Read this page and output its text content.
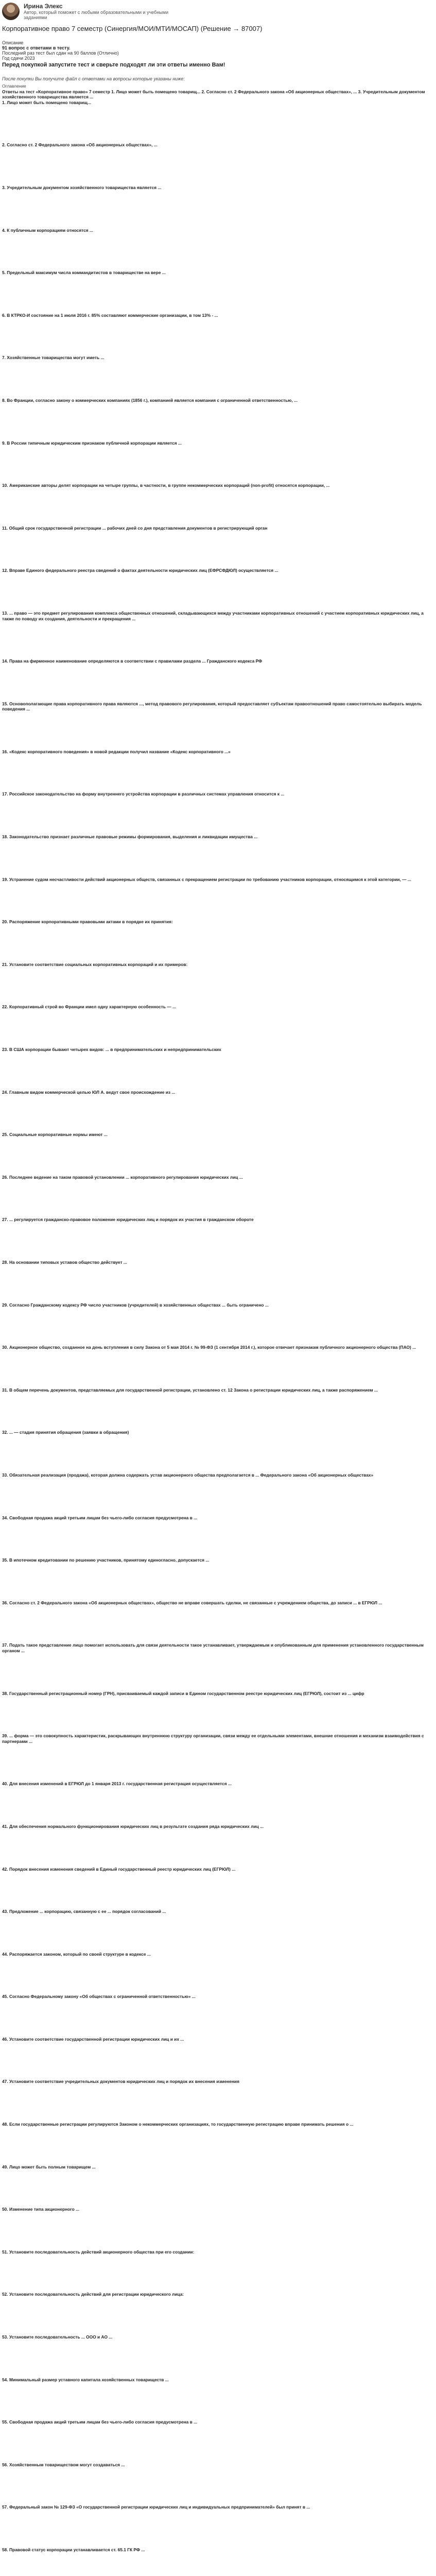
Ирина Элекс
Автор, который поможет с любыми образовательными и учебными заданиями
Корпоративное право 7 семестр (Синергия/МОИ/МТИ/МОСАП) (Решение → 87007)
Описание
91 вопрос с ответами в тесту.
Последний раз тест был сдан на 90 баллов (Отлично)
Год сдачи 2023
Перед покупкой запустите тест и сверьте подходят ли эти ответы именно Вам!
После покупки Вы получите файл с ответами на вопросы которые указаны ниже:
Оглавление
Ответы на тест «Корпоративное право» 7 семестр 1. Лицо может быть помещено товарищ... 2. Согласно ст. 2 Федерального закона «Об акционерных обществах», ... 3. Учредительным документом хозяйственного товарищества является ...
1. Лицо может быть помещено товарищ...
2. Согласно ст. 2 Федерального закона «Об акционерных обществах», ...
3. Учредительным документом хозяйственного товарищества является ...
4. К публичным корпорациям относятся ...
5. Предельный максимум числа коммандитистов в товариществе на вере ...
6. В КТРКО-И состояние на 1 июля 2016 г. 85% составляют коммерческие организации, в том 13% - ...
7. Хозяйственные товарищества могут иметь ...
8. Во Франции, согласно закону о коммерческих компаниях (1856 г.), компанией является компания с ограниченной ответственностью, ...
9. В России типичным юридическим признаком публичной корпорации является ...
10. Американские авторы делят корпорации на четыре группы, в частности, в группе некоммерческих корпораций (non-profit) относятся корпорации, ...
11. Общий срок государственной регистрации ... рабочих дней со дня представления документов в регистрирующий орган
12. Вправе Единого федерального реестра сведений о фактах деятельности юридических лиц (ЕФРСФДЮЛ) осуществляется ...
13. ... право — это предмет регулирования комплекса общественных отношений, складывающихся между участниками корпоративных отношений с участием корпоративных юридических лиц, а также по поводу их создания, деятельности и прекращения ...
14. Права на фирменное наименование определяются в соответствии с правилами раздела ... Гражданского кодекса РФ
15. Основополагающие права корпоративного права являются ..., метод правового регулирования, который предоставляет субъектам правоотношений право самостоятельно выбирать модель поведения ...
16. «Кодекс корпоративного поведения» в новой редакции получил название «Кодекс корпоративного ...»
17. Российское законодательство на форму внутреннего устройства корпорации в различных системах управления относится к ...
18. Законодательство признает различные правовые режимы формирования, выделения и ликвидации имущества ...
19. Устранение судом несчастливости действий акционерных обществ, связанных с прекращением регистрации по требованию участников корпорации, относящимся к этой категории, — ...
20. Распоряжение корпоративными правовыми актами в порядке их принятия:
21. Установите соответствие социальных корпоративных корпораций и их примеров:
22. Корпоративный строй во Франции имел одну характерную особенность — ...
23. В США корпорации бывают четырех видов: ... в предпринимательских и непредпринимательских
24. Главным видом коммерческой целью ЮЛ А. ведут свое происхождение из ...
25. Социальные корпоративные нормы имеют ...
26. Последнее ведение на таком правовой установлении ... корпоративного регулирования юридических лиц ...
27. ... регулируется гражданско-правовое положение юридических лиц и порядок их участия в гражданском обороте
28. На основании типовых уставов общество действует ...
29. Согласно Гражданскому кодексу РФ число участников (учредителей) в хозяйственных обществах ... быть ограничено ...
30. Акционерное общество, созданное на день вступления в силу Закона от 5 мая 2014 г. № 99-ФЗ (1 сентября 2014 г.), которое отвечает признакам публичного акционерного общества (ПАО) ...
31. В общем перечень документов, представляемых для государственной регистрации, установлено ст. 12 Закона о регистрации юридических лиц, а также распоряжением ...
32. ... — стадия принятия обращения (заявки в обращения)
33. Обязательная реализация (продажа), которая должна содержать устав акционерного общества предполагается в ... Федерального закона «Об акционерных обществах»
34. Свободная продажа акций третьим лицам без чьего-либо согласия предусмотрена в ...
35. В ипотечном кредитовании по решению участников, принятому единогласно, допускается ...
36. Согласно ст. 2 Федерального закона «Об акционерных обществах», общество не вправе совершать сделки, не связанные с учреждением общества, до записи ... в ЕГРЮЛ ...
37. Подать такое представление лицо помогает использовать для связи деятельности такое устанавливает, утверждаемым и опубликованным для применения установленного государственным органом ...
38. Государственный регистрационный номер (ГРН), присваиваемый каждой записи в Едином государственном реестре юридических лиц (ЕГРЮЛ), состоит из ... цифр
39. ... форма — это совокупность характеристик, раскрывающих внутреннюю структуру организации, связи между ее отдельными элементами, внешние отношения и механизм взаимодействия с партнерами ...
40. Для внесения изменений в ЕГРЮЛ до 1 января 2013 г. государственная регистрация осуществляется ...
41. Для обеспечения нормального функционирования юридических лиц в результате создания ряда юридических лиц ...
42. Порядок внесения изменения сведений в Единый государственный реестр юридических лиц (ЕГРЮЛ) ...
43. Предложение ... корпорацию, связанную с ее ... порядок согласований ...
44. Распоряжается законом, который по своей структуре в кодексе ...
45. Согласно Федеральному закону «Об обществах с ограниченной ответственностью» ...
46. Установите соответствие государственной регистрации юридических лиц и их ...
47. Установите соответствие учредительных документов юридических лиц и порядок их внесения изменения
48. Если государственные регистрации регулируются Законом о некоммерческих организациях, то государственную регистрацию вправе принимать решения о ...
49. Лицо может быть полным товарищем ...
50. Изменение типа акционерного ...
51. Установите последовательность действий акционерного общества при его создании:
52. Установите последовательность действий для регистрации юридического лица:
53. Установите последовательность ... ООО и АО ...
54. Минимальный размер уставного капитала хозяйственных товариществ ...
55. Свободная продажа акций третьим лицам без чьего-либо согласия предусмотрена в ...
56. Хозяйственным товариществом могут создаваться ...
57. Федеральный закон № 129-ФЗ «О государственной регистрации юридических лиц и индивидуальных предпринимателей» был принят в ...
58. Правовой статус корпорации устанавливается ст. 65.1 ГК РФ ...
